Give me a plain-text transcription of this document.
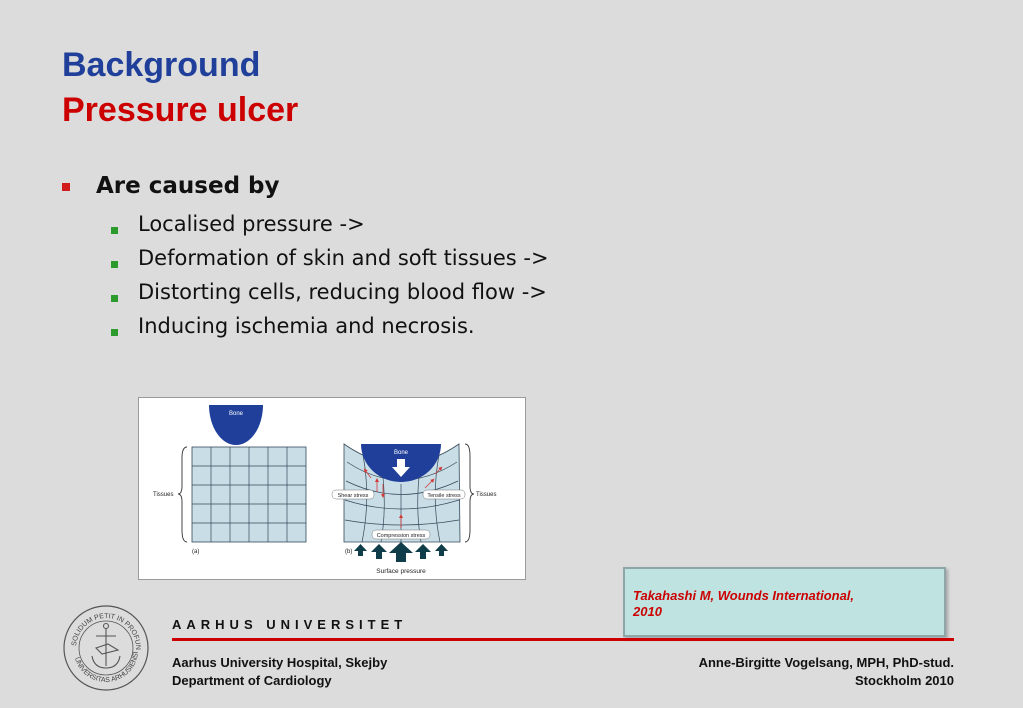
Background
Pressure ulcer
Are caused by
Localised pressure ->
Deformation of skin and soft tissues ->
Distorting cells, reducing blood flow ->
Inducing ischemia and necrosis.
Bone
Tissues
(a)
Bone
Shear stress	Tensile stress
Compression stress
Tissues
(b)
Surface pressure
Takahashi M, Wounds International,
2010
SOLIDUM PETIT IN PROFUN
UNIVERSITAS ARHUSIENSI
AARHUS UNIVERSITET
Aarhus University Hospital, Skejby
Department of Cardiology
Anne-Birgitte Vogelsang, MPH, PhD-stud.
Stockholm 2010
